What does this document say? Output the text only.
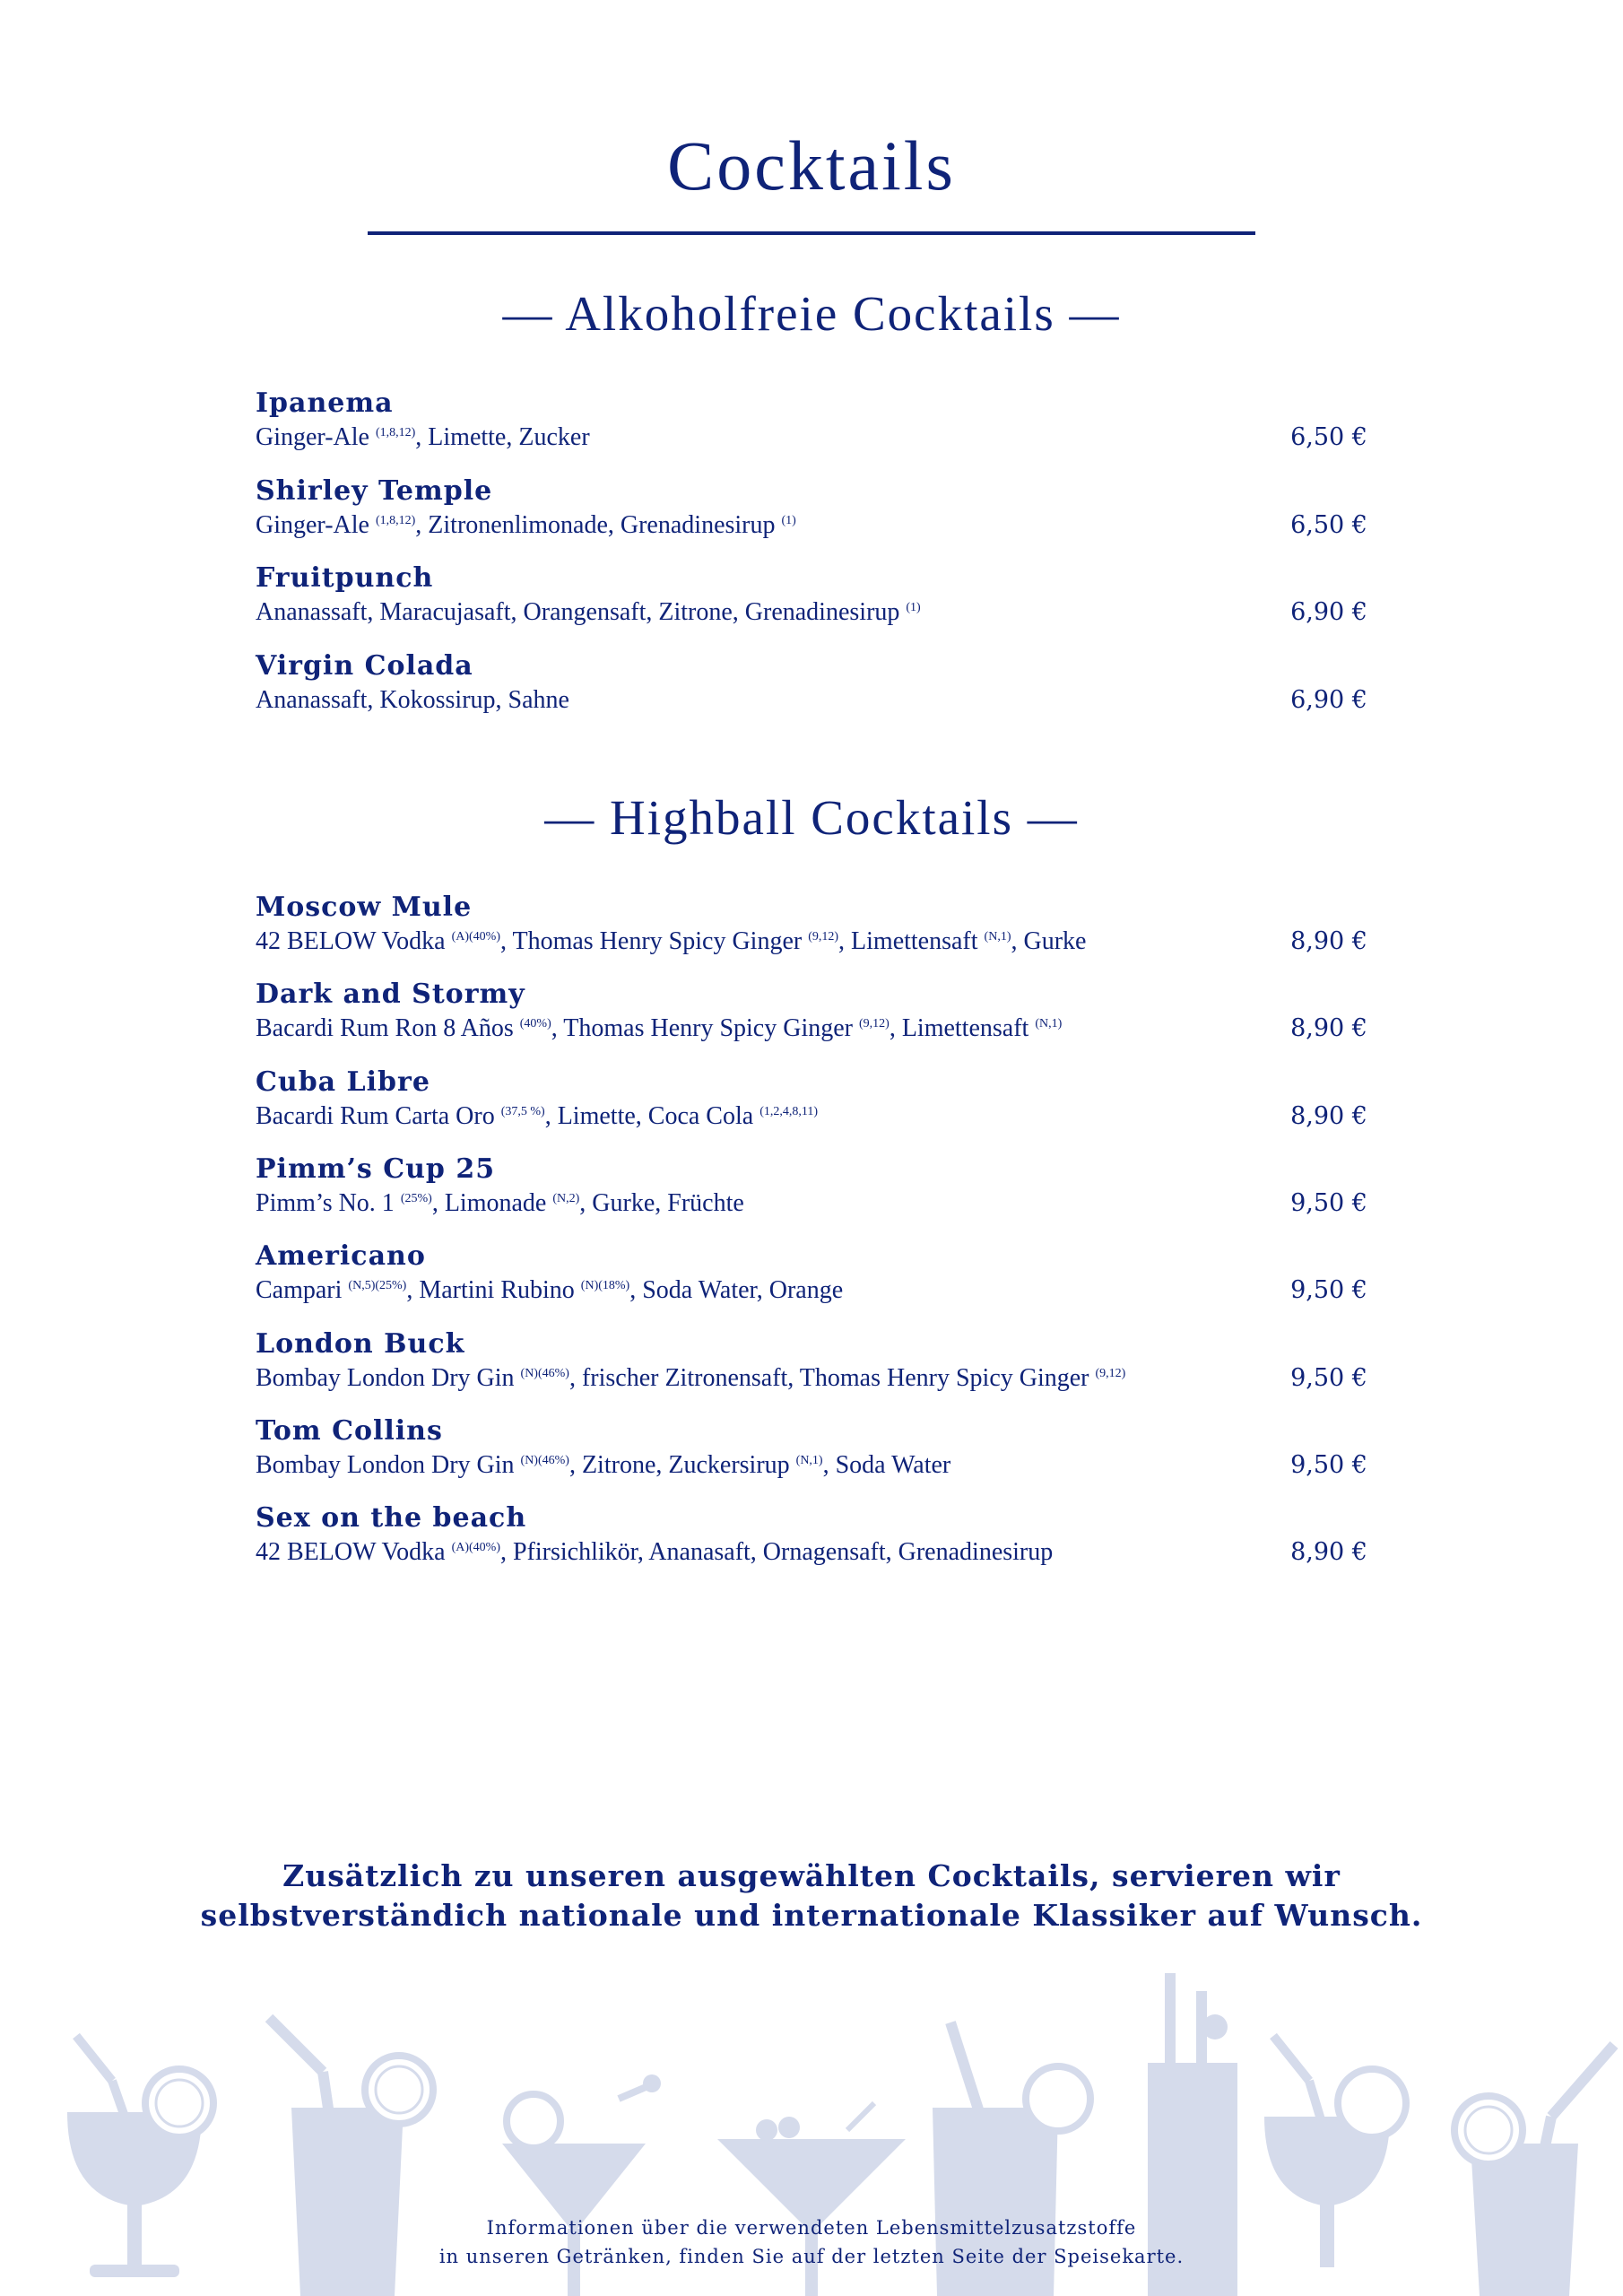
Cocktails
— Alkoholfreie Cocktails —
Ipanema
Ginger-Ale $^{(1,8,12)}$, Limette, Zucker	6,50 €
Shirley Temple
Ginger-Ale $^{(1,8,12)}$, Zitronenlimonade, Grenadinesirup $^{(1)}$	6,50 €
Fruitpunch
Ananassaft, Maracujasaft, Orangensaft, Zitrone, Grenadinesirup $^{(1)}$	6,90 €
Virgin Colada
Ananassaft, Kokossirup, Sahne	6,90 €
— Highball Cocktails —
Moscow Mule
42 BELOW Vodka $^{(A)(40\%)}$, Thomas Henry Spicy Ginger $^{(9,12)}$, Limettensaft $^{(N,1)}$, Gurke	8,90 €
Dark and Stormy
Bacardi Rum Ron 8 Años $^{(40\%)}$, Thomas Henry Spicy Ginger $^{(9,12)}$, Limettensaft $^{(N,1)}$	8,90 €
Cuba Libre
Bacardi Rum Carta Oro $^{(37,5 \%)}$, Limette, Coca Cola $^{(1,2,4,8,11)}$	8,90 €
Pimm’s Cup 25
Pimm’s No. 1 $^{(25\%)}$, Limonade $^{(N,2)}$, Gurke, Früchte	9,50 €
Americano
Campari $^{(N,5)(25\%)}$, Martini Rubino $^{(N)(18\%)}$, Soda Water, Orange	9,50 €
London Buck
Bombay London Dry Gin $^{(N)(46\%)}$, frischer Zitronensaft, Thomas Henry Spicy Ginger $^{(9,12)}$	9,50 €
Tom Collins
Bombay London Dry Gin $^{(N)(46\%)}$, Zitrone, Zuckersirup $^{(N,1)}$, Soda Water	9,50 €
Sex on the beach
42 BELOW Vodka $^{(A)(40\%)}$, Pfirsichlikör, Ananasaft, Ornagensaft, Grenadinesirup	8,90 €
Zusätzlich zu unseren ausgewählten Cocktails, servieren wir
selbstverständich nationale und internationale Klassiker auf Wunsch.
Informationen über die verwendeten Lebensmittelzusatzstoffe
in unseren Getränken, finden Sie auf der letzten Seite der Speisekarte.
